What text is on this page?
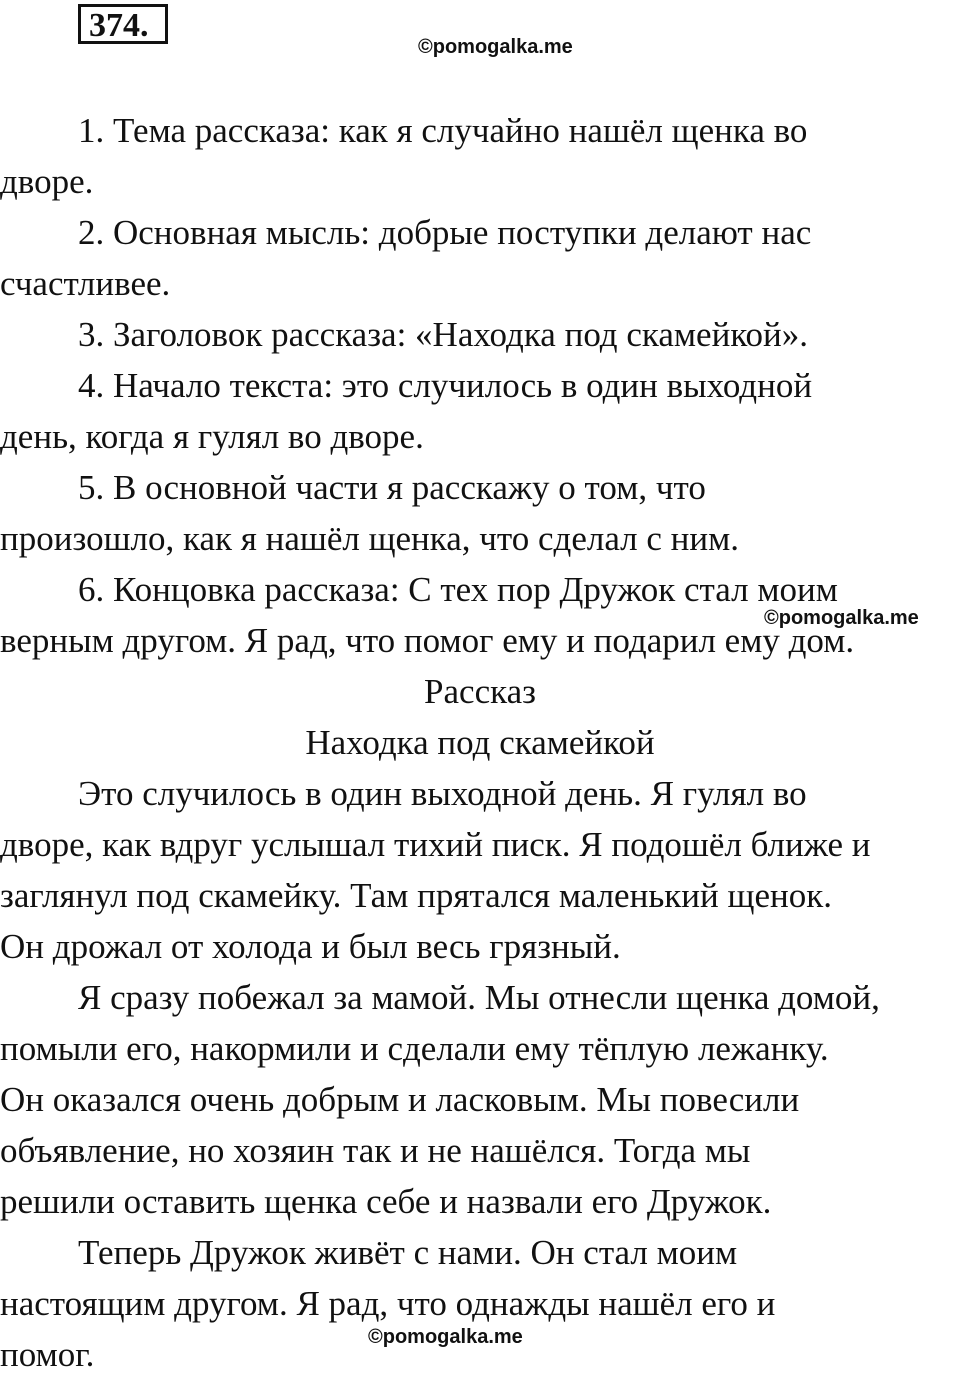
374.
©pomogalka.me

1. Тема рассказа: как я случайно нашёл щенка во
дворе.

2. Основная мысль: добрые поступки делают нас
счастливее.

3. Заголовок рассказа: «Находка под скамейкой».

4. Начало текста: это случилось в один выходной
день, когда я гулял во дворе.

5. В основной части я расскажу о том, что
произошло, как я нашёл щенка, что сделал с ним.

6. Концовка рассказа: С тех пор Дружок стал моим
верным другом. Я рад, что помог ему и подарил ему дом.

Рассказ

Находка под скамейкой

Это случилось в один выходной день. Я гулял во
дворе, как вдруг услышал тихий писк. Я подошёл ближе и
заглянул под скамейку. Там прятался маленький щенок.
Он дрожал от холода и был весь грязный.

Я сразу побежал за мамой. Мы отнесли щенка домой,
помыли его, накормили и сделали ему тёплую лежанку.
Он оказался очень добрым и ласковым. Мы повесили
объявление, но хозяин так и не нашёлся. Тогда мы
решили оставить щенка себе и назвали его Дружок.

Теперь Дружок живёт с нами. Он стал моим
настоящим другом. Я рад, что однажды нашёл его и
помог.

©pomogalka.me
©pomogalka.me
